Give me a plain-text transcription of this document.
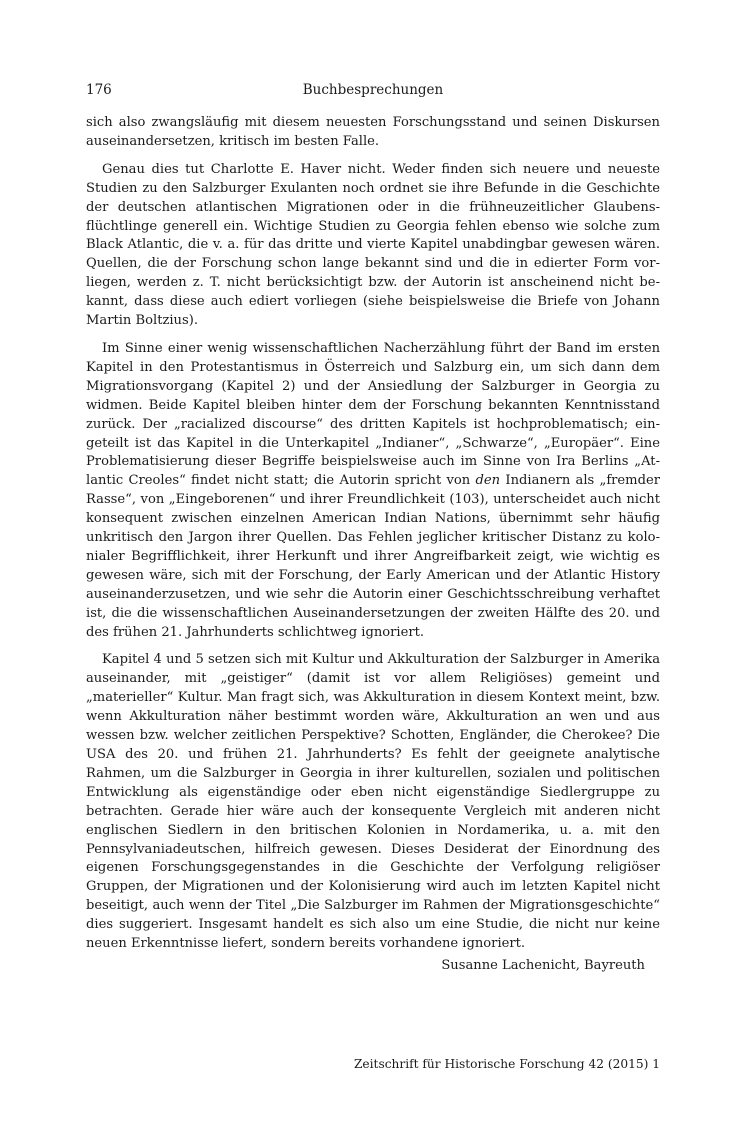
176	Buchbesprechungen

sich also zwangsläufig mit diesem neuesten Forschungsstand und seinen Diskursen auseinandersetzen, kritisch im besten Falle.

Genau dies tut Charlotte E. Haver nicht. Weder finden sich neuere und neueste Studien zu den Salzburger Exulanten noch ordnet sie ihre Befunde in die Geschichte der deutschen atlantischen Migrationen oder in die frühneuzeitlicher Glaubensflüchtlinge generell ein. Wichtige Studien zu Georgia fehlen ebenso wie solche zum Black Atlantic, die v. a. für das dritte und vierte Kapitel unabdingbar gewesen wären. Quellen, die der Forschung schon lange bekannt sind und die in edierter Form vorliegen, werden z. T. nicht berücksichtigt bzw. der Autorin ist anscheinend nicht bekannt, dass diese auch ediert vorliegen (siehe beispielsweise die Briefe von Johann Martin Boltzius).

Im Sinne einer wenig wissenschaftlichen Nacherzählung führt der Band im ersten Kapitel in den Protestantismus in Österreich und Salzburg ein, um sich dann dem Migrationsvorgang (Kapitel 2) und der Ansiedlung der Salzburger in Georgia zu widmen. Beide Kapitel bleiben hinter dem der Forschung bekannten Kenntnisstand zurück. Der „racialized discourse“ des dritten Kapitels ist hochproblematisch; eingeteilt ist das Kapitel in die Unterkapitel „Indianer“, „Schwarze“, „Europäer“. Eine Problematisierung dieser Begriffe beispielsweise auch im Sinne von Ira Berlins „Atlantic Creoles“ findet nicht statt; die Autorin spricht von den Indianern als „fremder Rasse“, von „Eingeborenen“ und ihrer Freundlichkeit (103), unterscheidet auch nicht konsequent zwischen einzelnen American Indian Nations, übernimmt sehr häufig unkritisch den Jargon ihrer Quellen. Das Fehlen jeglicher kritischer Distanz zu kolonialer Begrifflichkeit, ihrer Herkunft und ihrer Angreifbarkeit zeigt, wie wichtig es gewesen wäre, sich mit der Forschung, der Early American und der Atlantic History auseinanderzusetzen, und wie sehr die Autorin einer Geschichtsschreibung verhaftet ist, die die wissenschaftlichen Auseinandersetzungen der zweiten Hälfte des 20. und des frühen 21. Jahrhunderts schlichtweg ignoriert.

Kapitel 4 und 5 setzen sich mit Kultur und Akkulturation der Salzburger in Amerika auseinander, mit „geistiger“ (damit ist vor allem Religiöses) gemeint und „materieller“ Kultur. Man fragt sich, was Akkulturation in diesem Kontext meint, bzw. wenn Akkulturation näher bestimmt worden wäre, Akkulturation an wen und aus wessen bzw. welcher zeitlichen Perspektive? Schotten, Engländer, die Cherokee? Die USA des 20. und frühen 21. Jahrhunderts? Es fehlt der geeignete analytische Rahmen, um die Salzburger in Georgia in ihrer kulturellen, sozialen und politischen Entwicklung als eigenständige oder eben nicht eigenständige Siedlergruppe zu betrachten. Gerade hier wäre auch der konsequente Vergleich mit anderen nicht englischen Siedlern in den britischen Kolonien in Nordamerika, u. a. mit den Pennsylvaniadeutschen, hilfreich gewesen. Dieses Desiderat der Einordnung des eigenen Forschungsgegenstandes in die Geschichte der Verfolgung religiöser Gruppen, der Migrationen und der Kolonisierung wird auch im letzten Kapitel nicht beseitigt, auch wenn der Titel „Die Salzburger im Rahmen der Migrationsgeschichte“ dies suggeriert. Insgesamt handelt es sich also um eine Studie, die nicht nur keine neuen Erkenntnisse liefert, sondern bereits vorhandene ignoriert.

Susanne Lachenicht, Bayreuth

Zeitschrift für Historische Forschung 42 (2015) 1
